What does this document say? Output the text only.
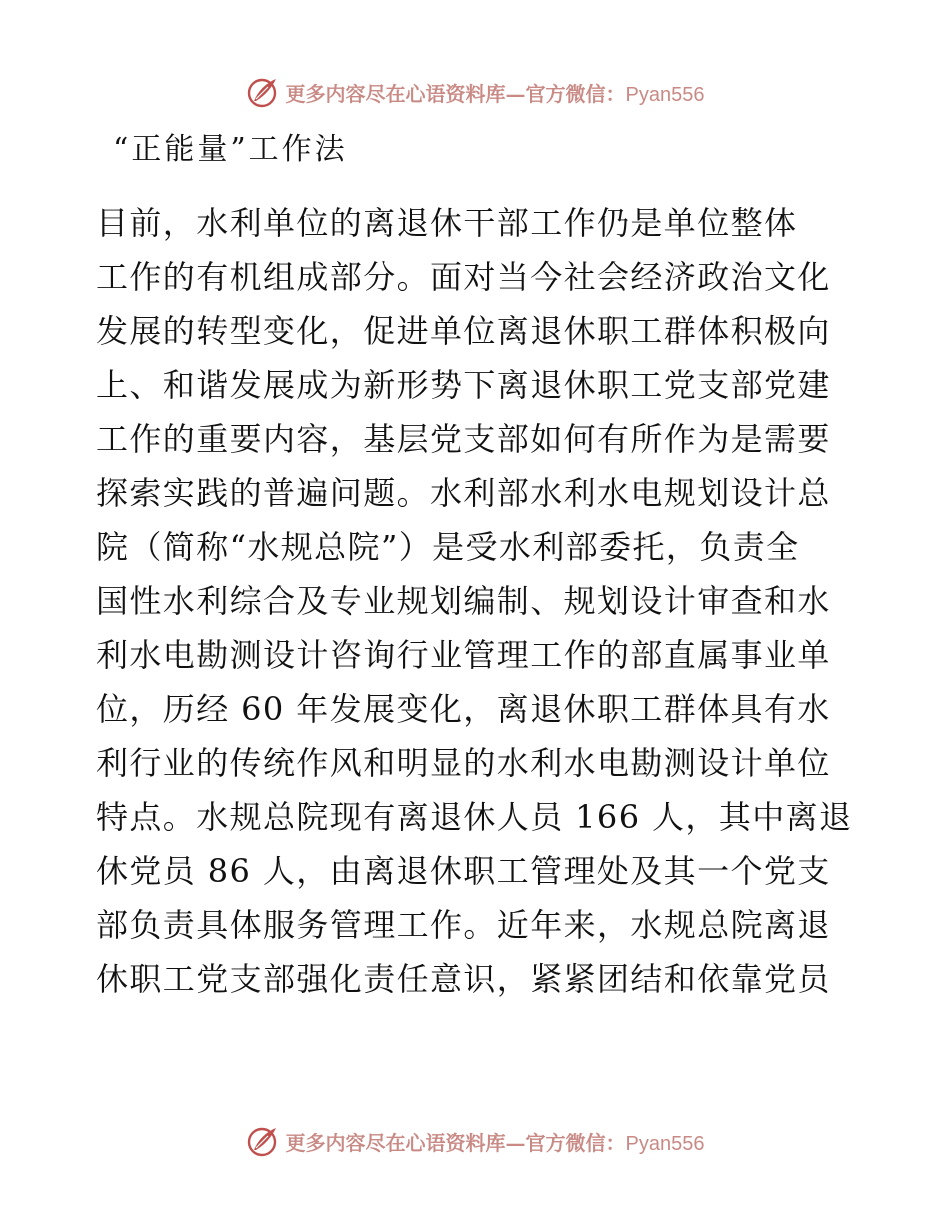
更多内容尽在心语资料库—官方微信：Pyan556
“正能量”工作法
目前，水利单位的离退休干部工作仍是单位整体
工作的有机组成部分。面对当今社会经济政治文化
发展的转型变化，促进单位离退休职工群体积极向
上、和谐发展成为新形势下离退休职工党支部党建
工作的重要内容，基层党支部如何有所作为是需要
探索实践的普遍问题。水利部水利水电规划设计总
院（简称“水规总院”）是受水利部委托，负责全
国性水利综合及专业规划编制、规划设计审查和水
利水电勘测设计咨询行业管理工作的部直属事业单
位，历经 60 年发展变化，离退休职工群体具有水
利行业的传统作风和明显的水利水电勘测设计单位
特点。水规总院现有离退休人员 166 人，其中离退
休党员 86 人，由离退休职工管理处及其一个党支
部负责具体服务管理工作。近年来，水规总院离退
休职工党支部强化责任意识，紧紧团结和依靠党员
更多内容尽在心语资料库—官方微信：Pyan556
